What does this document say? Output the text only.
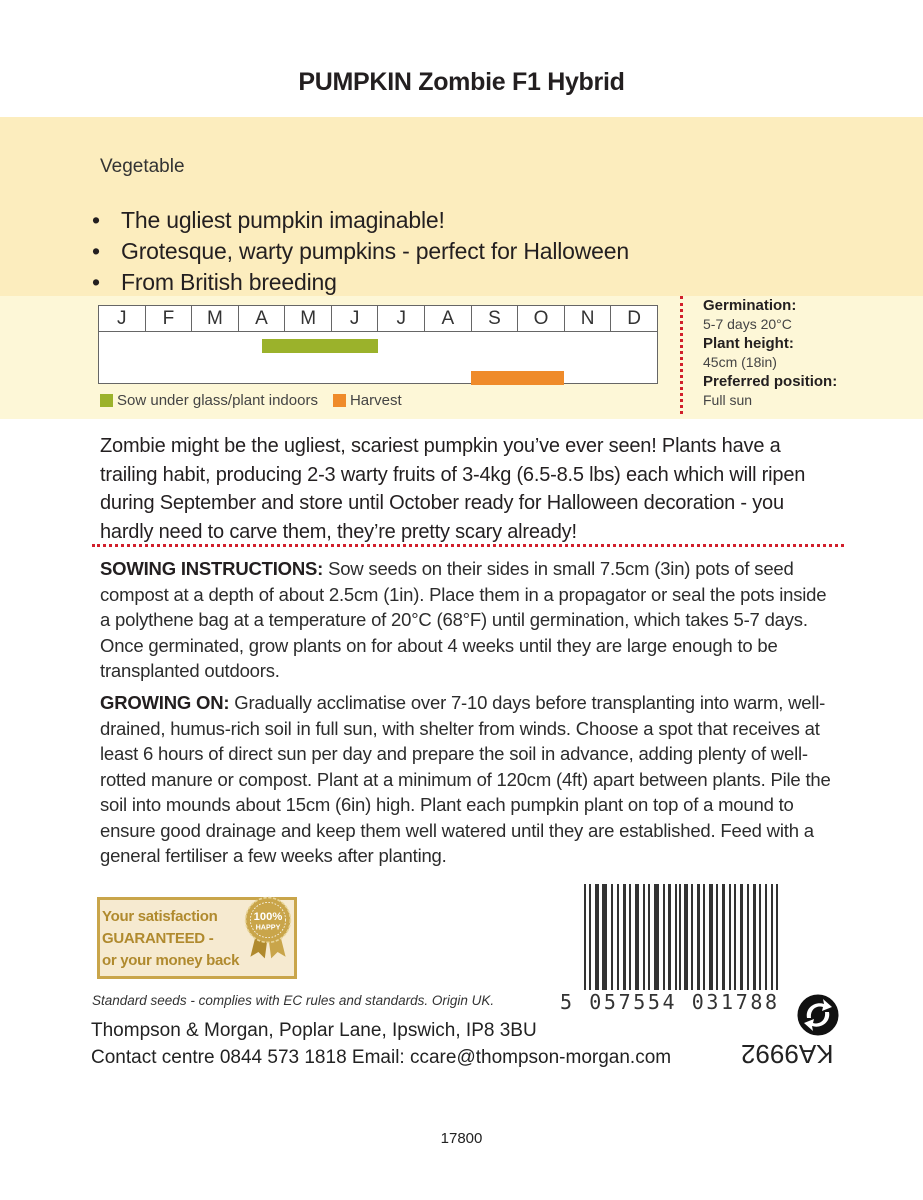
PUMPKIN Zombie F1 Hybrid
Vegetable
• The ugliest pumpkin imaginable!
• Grotesque, warty pumpkins - perfect for Halloween
• From British breeding
J	F	M	A	M	J	J	A	S	O	N	D
Sow under glass/plant indoors Harvest
Germination:
5-7 days 20°C
Plant height:
45cm (18in)
Preferred position:
Full sun
Zombie might be the ugliest, scariest pumpkin you’ve ever seen! Plants have a trailing habit, producing 2-3 warty fruits of 3-4kg (6.5-8.5 lbs) each which will ripen during September and store until October ready for Halloween decoration - you hardly need to carve them, they’re pretty scary already!
SOWING INSTRUCTIONS: Sow seeds on their sides in small 7.5cm (3in) pots of seed compost at a depth of about 2.5cm (1in). Place them in a propagator or seal the pots inside a polythene bag at a temperature of 20°C (68°F) until germination, which takes 5-7 days. Once germinated, grow plants on for about 4 weeks until they are large enough to be transplanted outdoors.
GROWING ON: Gradually acclimatise over 7-10 days before transplanting into warm, well-drained, humus-rich soil in full sun, with shelter from winds. Choose a spot that receives at least 6 hours of direct sun per day and prepare the soil in advance, adding plenty of well-rotted manure or compost. Plant at a minimum of 120cm (4ft) apart between plants. Pile the soil into mounds about 15cm (6in) high. Plant each pumpkin plant on top of a mound to ensure good drainage and keep them well watered until they are established. Feed with a general fertiliser a few weeks after planting.
Your satisfaction
GUARANTEED -
or your money back
100%
HAPPY
5 057554 031788
KA9992
Standard seeds - complies with EC rules and standards. Origin UK.
Thompson & Morgan, Poplar Lane, Ipswich, IP8 3BU
Contact centre 0844 573 1818 Email: ccare@thompson-morgan.com
17800
